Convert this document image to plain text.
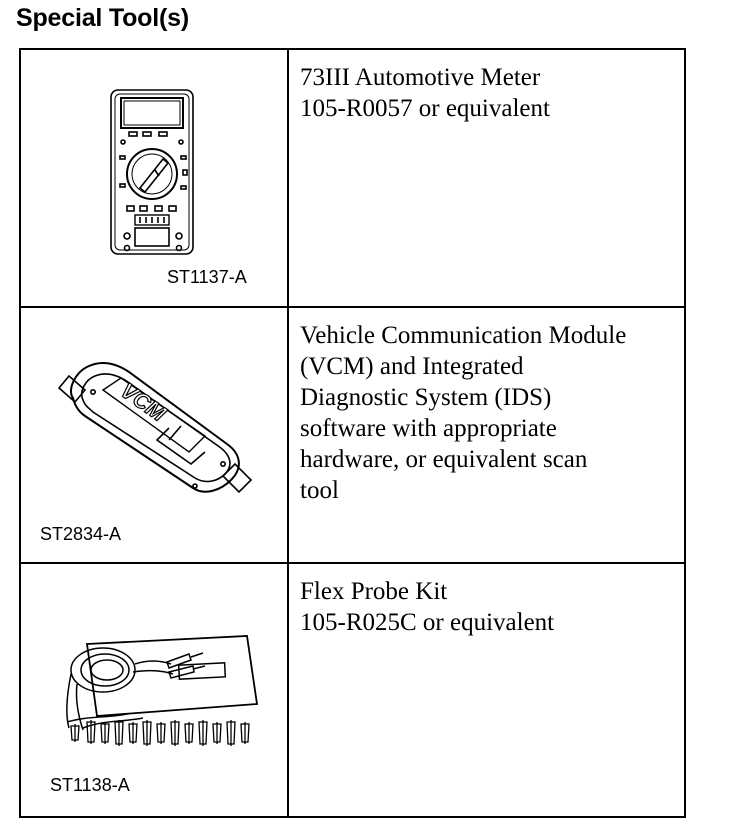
Special Tool(s)
ST1137-A
73III Automotive Meter
105-R0057 or equivalent
VCM
ST2834-A
Vehicle Communication Module
(VCM) and Integrated
Diagnostic System (IDS)
software with appropriate
hardware, or equivalent scan
tool
ST1138-A
Flex Probe Kit
105-R025C or equivalent
